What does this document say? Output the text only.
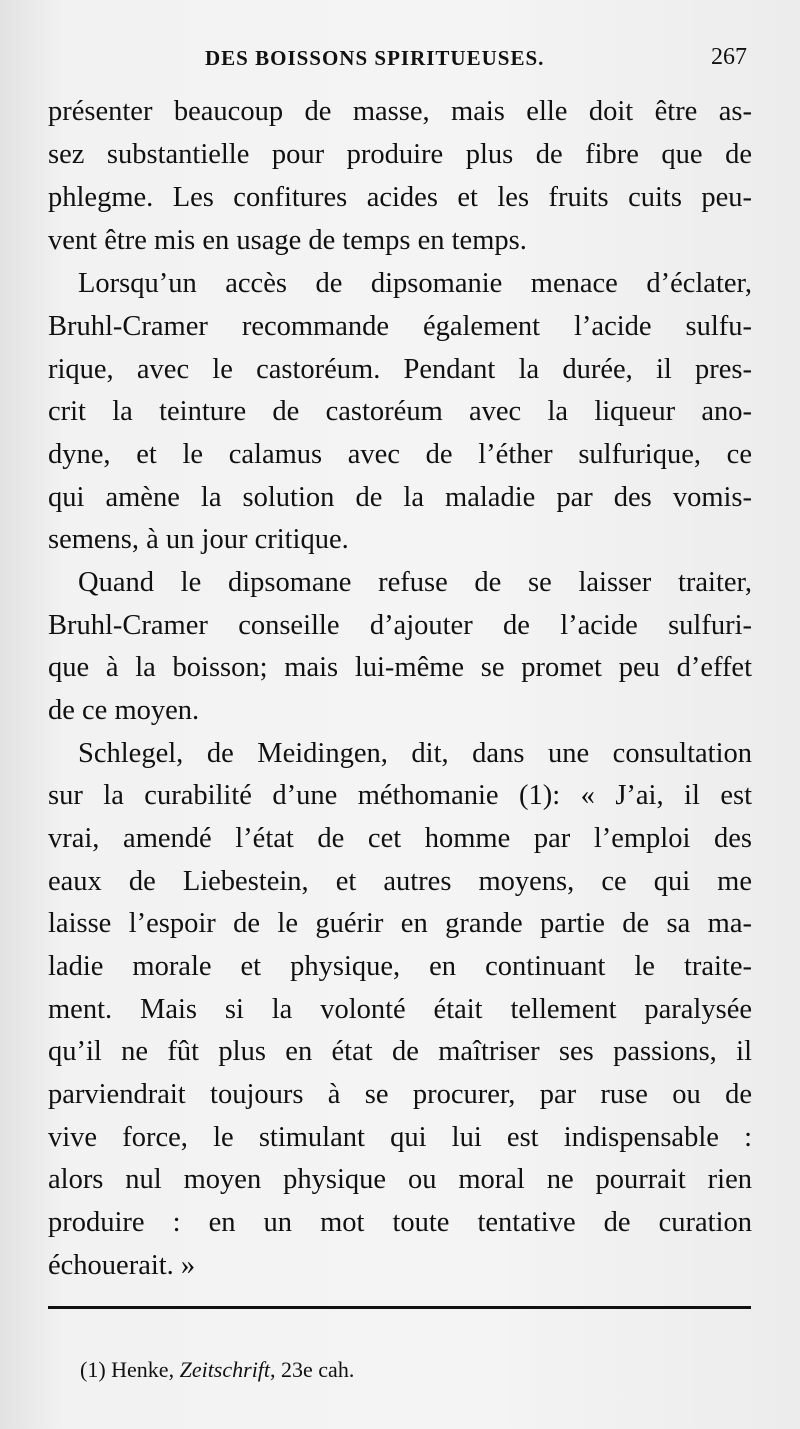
DES BOISSONS SPIRITUEUSES.	267
présenter beaucoup de masse, mais elle doit être as-
sez substantielle pour produire plus de fibre que de
phlegme. Les confitures acides et les fruits cuits peu-
vent être mis en usage de temps en temps.
Lorsqu’un accès de dipsomanie menace d’éclater,
Bruhl-Cramer recommande également l’acide sulfu-
rique, avec le castoréum. Pendant la durée, il pres-
crit la teinture de castoréum avec la liqueur ano-
dyne, et le calamus avec de l’éther sulfurique, ce
qui amène la solution de la maladie par des vomis-
semens, à un jour critique.
Quand le dipsomane refuse de se laisser traiter,
Bruhl-Cramer conseille d’ajouter de l’acide sulfuri-
que à la boisson; mais lui-même se promet peu d’effet
de ce moyen.
Schlegel, de Meidingen, dit, dans une consultation
sur la curabilité d’une méthomanie (1): « J’ai, il est
vrai, amendé l’état de cet homme par l’emploi des
eaux de Liebestein, et autres moyens, ce qui me
laisse l’espoir de le guérir en grande partie de sa ma-
ladie morale et physique, en continuant le traite-
ment. Mais si la volonté était tellement paralysée
qu’il ne fût plus en état de maîtriser ses passions, il
parviendrait toujours à se procurer, par ruse ou de
vive force, le stimulant qui lui est indispensable :
alors nul moyen physique ou moral ne pourrait rien
produire : en un mot toute tentative de curation
échouerait. »
(1) Henke, Zeitschrift, 23e cah.
